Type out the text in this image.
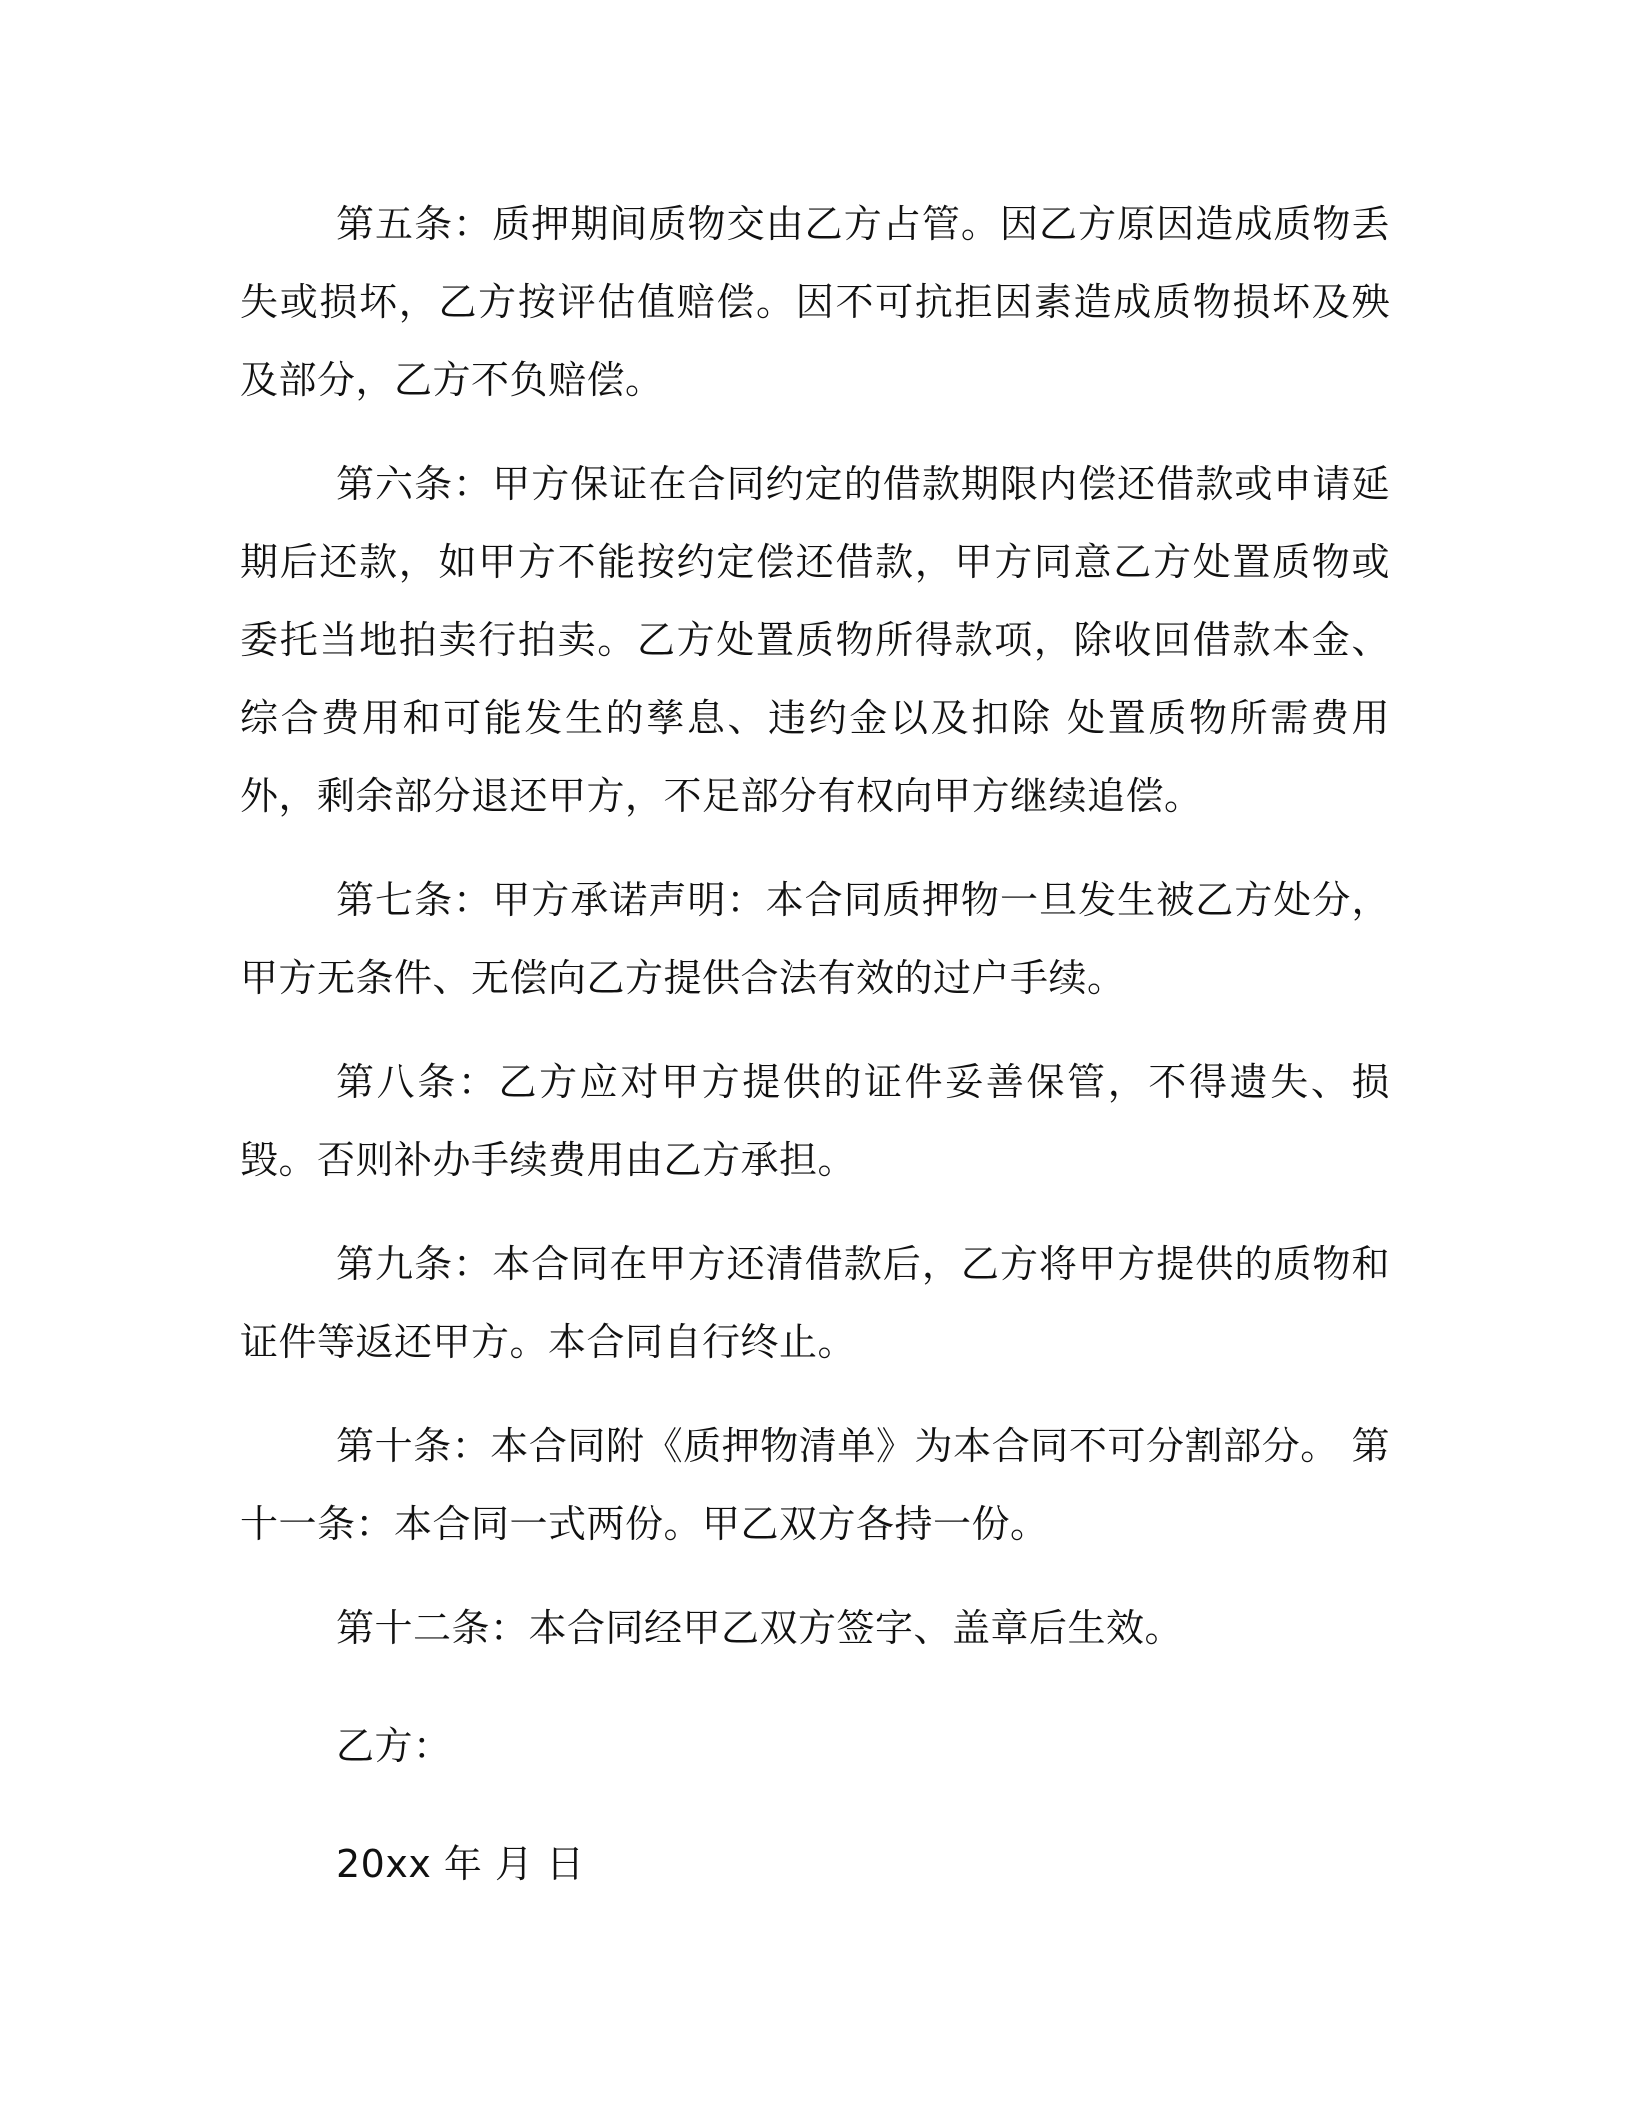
第五条：质押期间质物交由乙方占管。因乙方原因造成质物丢失或损坏，乙方按评估值赔偿。因不可抗拒因素造成质物损坏及殃及部分，乙方不负赔偿。

第六条：甲方保证在合同约定的借款期限内偿还借款或申请延期后还款，如甲方不能按约定偿还借款，甲方同意乙方处置质物或委托当地拍卖行拍卖。乙方处置质物所得款项，除收回借款本金、综合费用和可能发生的孳息、违约金以及扣除 处置质物所需费用外，剩余部分退还甲方，不足部分有权向甲方继续追偿。

第七条：甲方承诺声明：本合同质押物一旦发生被乙方处分，甲方无条件、无偿向乙方提供合法有效的过户手续。

第八条：乙方应对甲方提供的证件妥善保管，不得遗失、损毁。否则补办手续费用由乙方承担。

第九条：本合同在甲方还清借款后，乙方将甲方提供的质物和证件等返还甲方。本合同自行终止。

第十条：本合同附《质押物清单》为本合同不可分割部分。 第十一条：本合同一式两份。甲乙双方各持一份。

第十二条：本合同经甲乙双方签字、盖章后生效。

乙方：

20xx 年 月 日
